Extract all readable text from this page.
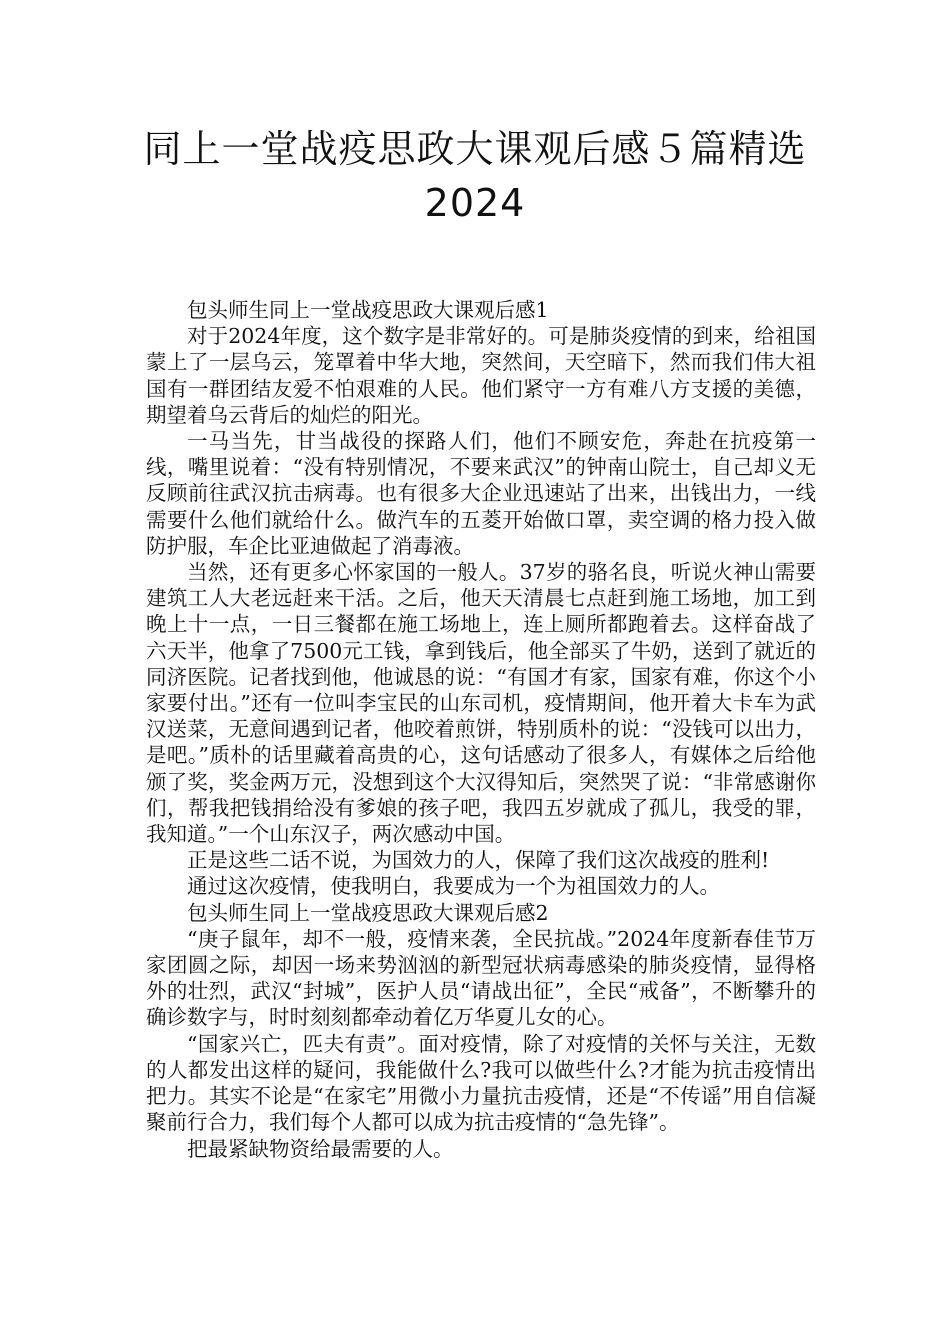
同上一堂战疫思政大课观后感５篇精选2024

包头师生同上一堂战疫思政大课观后感1

对于2024年度，这个数字是非常好的。可是肺炎疫情的到来，给祖国蒙上了一层乌云，笼罩着中华大地，突然间，天空暗下，然而我们伟大祖国有一群团结友爱不怕艰难的人民。他们紧守一方有难八方支援的美德，期望着乌云背后的灿烂的阳光。

一马当先，甘当战役的探路人们，他们不顾安危，奔赴在抗疫第一线，嘴里说着：“没有特别情况，不要来武汉”的钟南山院士，自己却义无反顾前往武汉抗击病毒。也有很多大企业迅速站了出来，出钱出力，一线需要什么他们就给什么。做汽车的五菱开始做口罩，卖空调的格力投入做防护服，车企比亚迪做起了消毒液。

当然，还有更多心怀家国的一般人。37岁的骆名良，听说火神山需要建筑工人大老远赶来干活。之后，他天天清晨七点赶到施工场地，加工到晚上十一点，一日三餐都在施工场地上，连上厕所都跑着去。这样奋战了六天半，他拿了7500元工钱，拿到钱后，他全部买了牛奶，送到了就近的同济医院。记者找到他，他诚恳的说：“有国才有家，国家有难，你这个小家要付出。”还有一位叫李宝民的山东司机，疫情期间，他开着大卡车为武汉送菜，无意间遇到记者，他咬着煎饼，特别质朴的说：“没钱可以出力，是吧。”质朴的话里藏着高贵的心，这句话感动了很多人，有媒体之后给他颁了奖，奖金两万元，没想到这个大汉得知后，突然哭了说：“非常感谢你们，帮我把钱捐给没有爹娘的孩子吧，我四五岁就成了孤儿，我受的罪，我知道。”一个山东汉子，两次感动中国。

正是这些二话不说，为国效力的人，保障了我们这次战疫的胜利!

通过这次疫情，使我明白，我要成为一个为祖国效力的人。

包头师生同上一堂战疫思政大课观后感2

“庚子鼠年，却不一般，疫情来袭，全民抗战。”2024年度新春佳节万家团圆之际，却因一场来势汹汹的新型冠状病毒感染的肺炎疫情，显得格外的壮烈，武汉“封城”，医护人员“请战出征”，全民“戒备”，不断攀升的确诊数字与，时时刻刻都牵动着亿万华夏儿女的心。

“国家兴亡，匹夫有责”。面对疫情，除了对疫情的关怀与关注，无数的人都发出这样的疑问，我能做什么?我可以做些什么?才能为抗击疫情出把力。其实不论是“在家宅”用微小力量抗击疫情，还是“不传谣”用自信凝聚前行合力，我们每个人都可以成为抗击疫情的“急先锋”。

把最紧缺物资给最需要的人。
